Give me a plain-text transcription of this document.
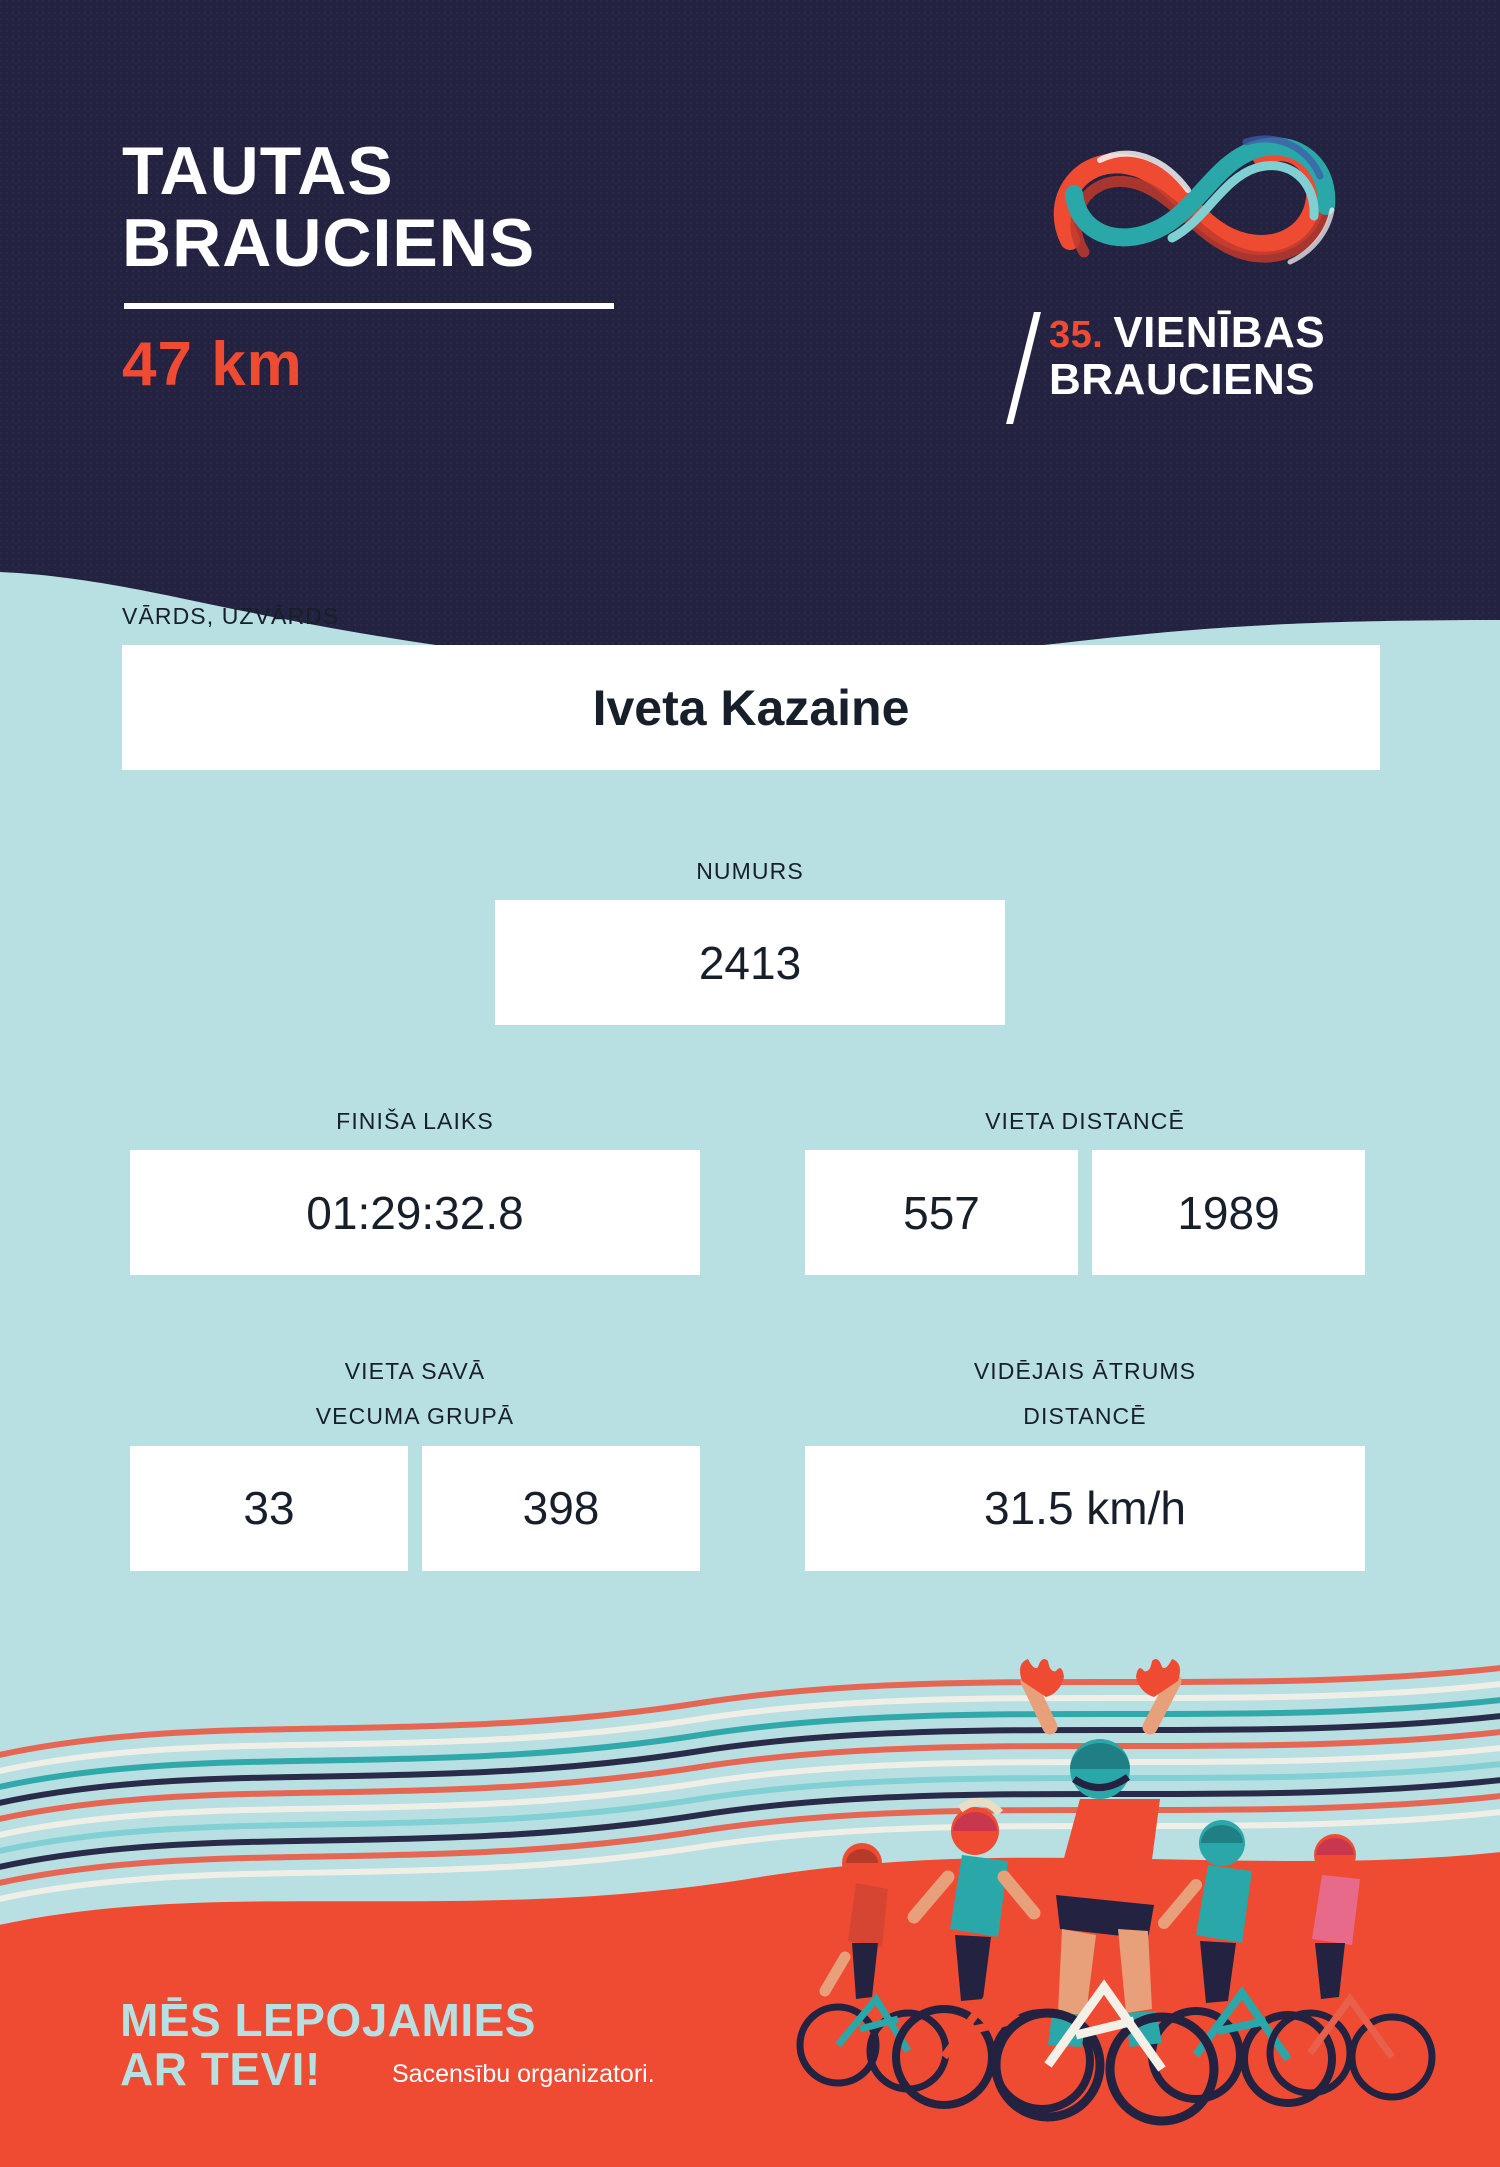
TAUTAS
BRAUCIENS
47 km	35. VIENĪBAS
BRAUCIENS
VĀRDS, UZVĀRDS
Iveta Kazaine
NUMURS
2413
FINIŠA LAIKS
01:29:32.8
VIETA DISTANCĒ
557	1989
VIETA SAVĀ
VECUMA GRUPĀ
33	398
VIDĒJAIS ĀTRUMS
DISTANCĒ
31.5 km/h
MĒS LEPOJAMIES
AR TEVI!	Sacensību organizatori.
